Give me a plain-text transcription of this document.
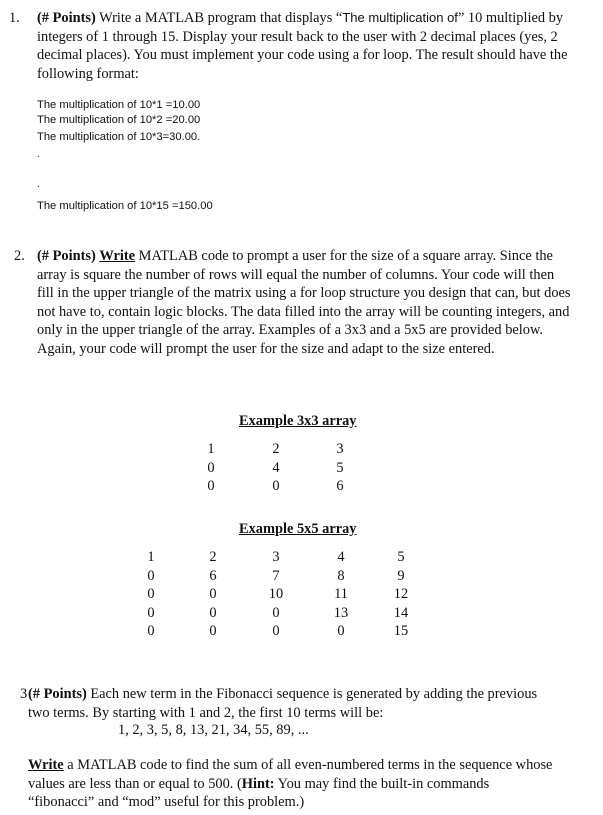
1. (# Points) Write a MATLAB program that displays “The multiplication of” 10 multiplied by integers of 1 through 15. Display your result back to the user with 2 decimal places (yes, 2 decimal places). You must implement your code using a for loop. The result should have the following format:
The multiplication of 10*1 =10.00
The multiplication of 10*2 =20.00
The multiplication of 10*3=30.00.
.
.
The multiplication of 10*15 =150.00
2. (# Points) Write MATLAB code to prompt a user for the size of a square array. Since the array is square the number of rows will equal the number of columns. Your code will then fill in the upper triangle of the matrix using a for loop structure you design that can, but does not have to, contain logic blocks. The data filled into the array will be counting integers, and only in the upper triangle of the array. Examples of a 3x3 and a 5x5 are provided below. Again, your code will prompt the user for the size and adapt to the size entered.
Example 3x3 array
1
0
0
2
4
0
3
5
6
Example 5x5 array
1
0
0
0
0
2
6
0
0
0
3
7
10
0
0
4
8
11
13
0
5
9
12
14
15
3 (# Points) Each new term in the Fibonacci sequence is generated by adding the previous two terms. By starting with 1 and 2, the first 10 terms will be:
1, 2, 3, 5, 8, 13, 21, 34, 55, 89, ...
Write a MATLAB code to find the sum of all even-numbered terms in the sequence whose values are less than or equal to 500. (Hint: You may find the built-in commands “fibonacci” and “mod” useful for this problem.)
